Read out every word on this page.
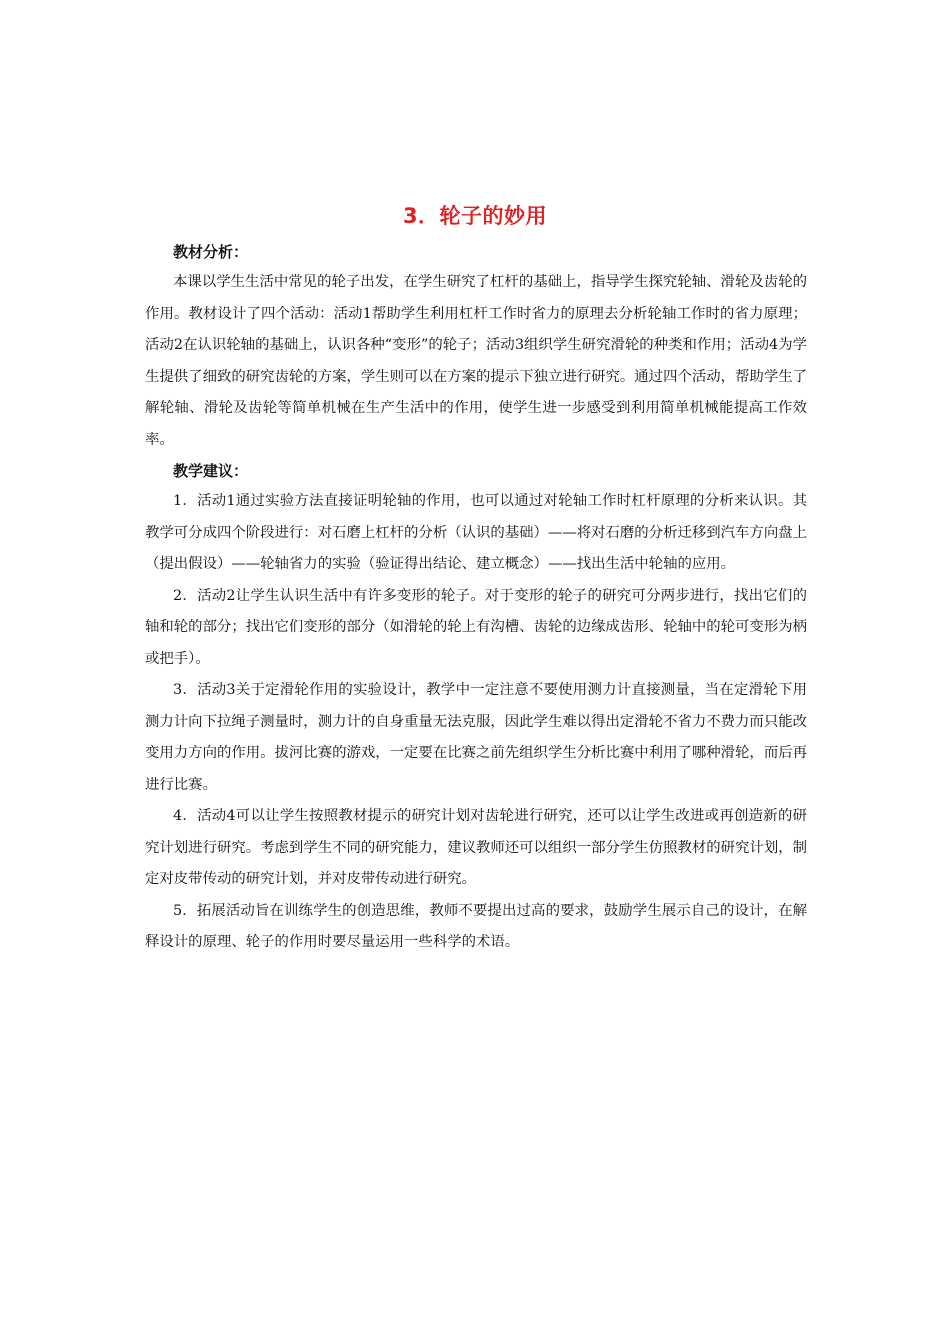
3．轮子的妙用

教材分析：

本课以学生生活中常见的轮子出发，在学生研究了杠杆的基础上，指导学生探究轮轴、滑轮及齿轮的作用。教材设计了四个活动：活动1帮助学生利用杠杆工作时省力的原理去分析轮轴工作时的省力原理；活动2在认识轮轴的基础上，认识各种“变形”的轮子；活动3组织学生研究滑轮的种类和作用；活动4为学生提供了细致的研究齿轮的方案，学生则可以在方案的提示下独立进行研究。通过四个活动，帮助学生了解轮轴、滑轮及齿轮等简单机械在生产生活中的作用，使学生进一步感受到利用简单机械能提高工作效率。

教学建议：

1．活动1通过实验方法直接证明轮轴的作用，也可以通过对轮轴工作时杠杆原理的分析来认识。其教学可分成四个阶段进行：对石磨上杠杆的分析（认识的基础）——将对石磨的分析迁移到汽车方向盘上（提出假设）——轮轴省力的实验（验证得出结论、建立概念）——找出生活中轮轴的应用。

2．活动2让学生认识生活中有许多变形的轮子。对于变形的轮子的研究可分两步进行，找出它们的轴和轮的部分；找出它们变形的部分（如滑轮的轮上有沟槽、齿轮的边缘成齿形、轮轴中的轮可变形为柄或把手）。

3．活动3关于定滑轮作用的实验设计，教学中一定注意不要使用测力计直接测量，当在定滑轮下用测力计向下拉绳子测量时，测力计的自身重量无法克服，因此学生难以得出定滑轮不省力不费力而只能改变用力方向的作用。拔河比赛的游戏，一定要在比赛之前先组织学生分析比赛中利用了哪种滑轮，而后再进行比赛。

4．活动4可以让学生按照教材提示的研究计划对齿轮进行研究，还可以让学生改进或再创造新的研究计划进行研究。考虑到学生不同的研究能力，建议教师还可以组织一部分学生仿照教材的研究计划，制定对皮带传动的研究计划，并对皮带传动进行研究。

5．拓展活动旨在训练学生的创造思维，教师不要提出过高的要求，鼓励学生展示自己的设计，在解释设计的原理、轮子的作用时要尽量运用一些科学的术语。
